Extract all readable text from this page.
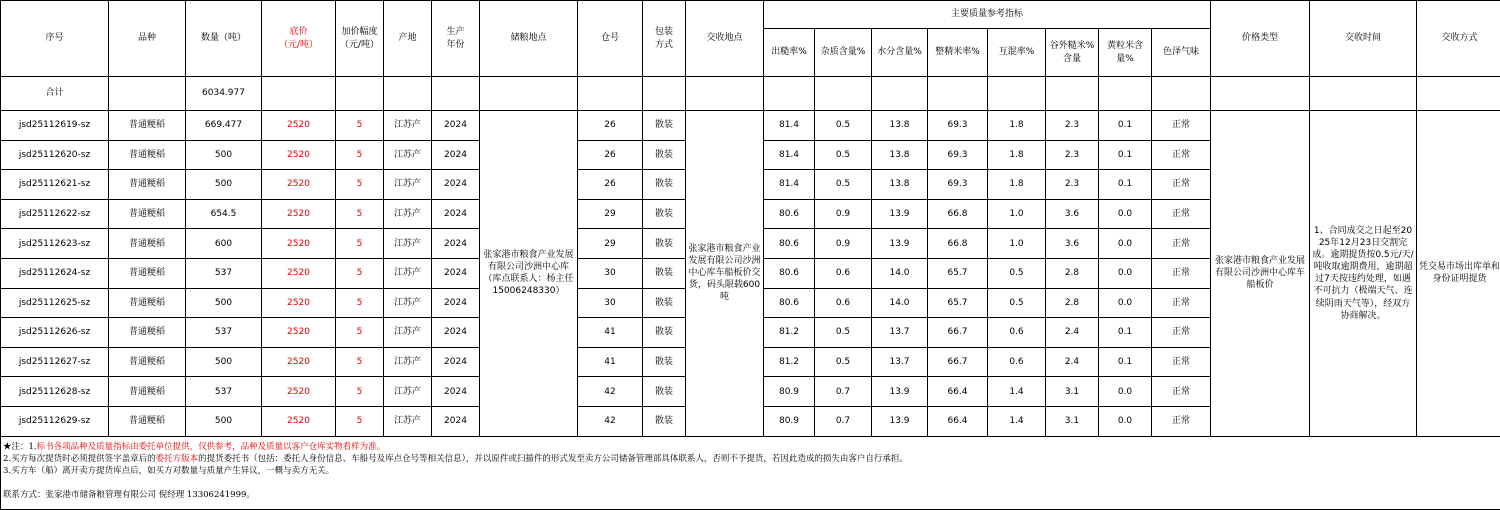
序号	品种	数量（吨）	底价
（元/吨）	加价幅度
（元/吨）	产地	生产
年份	储粮地点	仓号	包装
方式	交收地点	主要质量参考指标								价格类型	交收时间	交收方式
											出糙率%	杂质含量%	水分含量%	整精米率%	互混率%	谷外糙米%含量	黄粒米含量%	色泽气味			
合计		6034.977																			
jsd25112619-sz	普通粳稻	669.477	2520	5	江苏产	2024	张家港市粮食产业发展有限公司沙洲中心库（库点联系人：杨主任15006248330）	26	散装	张家港市粮食产业发展有限公司沙洲中心库车船板价交货，码头限载600吨	81.4	0.5	13.8	69.3	1.8	2.3	0.1	正常	张家港市粮食产业发展有限公司沙洲中心库车船板价	1、合同成交之日起至2025年12月23日交割完成。逾期提货按0.5元/天/吨收取逾期费用，逾期超过7天按违约处理，如遇不可抗力（极端天气、连续阴雨天气等），经双方协商解决。	凭交易市场出库单和身份证明提货
jsd25112620-sz	普通粳稻	500	2520	5	江苏产	2024		26	散装		81.4	0.5	13.8	69.3	1.8	2.3	0.1	正常			
jsd25112621-sz	普通粳稻	500	2520	5	江苏产	2024		26	散装		81.4	0.5	13.8	69.3	1.8	2.3	0.1	正常			
jsd25112622-sz	普通粳稻	654.5	2520	5	江苏产	2024		29	散装		80.6	0.9	13.9	66.8	1.0	3.6	0.0	正常			
jsd25112623-sz	普通粳稻	600	2520	5	江苏产	2024		29	散装		80.6	0.9	13.9	66.8	1.0	3.6	0.0	正常			
jsd25112624-sz	普通粳稻	537	2520	5	江苏产	2024		30	散装		80.6	0.6	14.0	65.7	0.5	2.8	0.0	正常			
jsd25112625-sz	普通粳稻	500	2520	5	江苏产	2024		30	散装		80.6	0.6	14.0	65.7	0.5	2.8	0.0	正常			
jsd25112626-sz	普通粳稻	537	2520	5	江苏产	2024		41	散装		81.2	0.5	13.7	66.7	0.6	2.4	0.1	正常			
jsd25112627-sz	普通粳稻	500	2520	5	江苏产	2024		41	散装		81.2	0.5	13.7	66.7	0.6	2.4	0.1	正常			
jsd25112628-sz	普通粳稻	537	2520	5	江苏产	2024		42	散装		80.9	0.7	13.9	66.4	1.4	3.1	0.0	正常			
jsd25112629-sz	普通粳稻	500	2520	5	江苏产	2024		42	散装		80.9	0.7	13.9	66.4	1.4	3.1	0.0	正常			

★注：1.标书各项品种及质量指标由委托单位提供，仅供参考，品种及质量以客户仓库实物看样为准。
2.买方每次提货时必须提供签字盖章后的委托方版本的提货委托书（包括：委托人身份信息、车船号及库点仓号等相关信息），并以原件或扫描件的形式发至卖方公司储备管理部具体联系人，否则不予提货，若因此造成的损失由客户自行承担。
3.买方车（船）离开卖方提货库点后，如买方对数量与质量产生异议，一概与卖方无关。
联系方式：张家港市储备粮管理有限公司 倪经理 13306241999。																					
